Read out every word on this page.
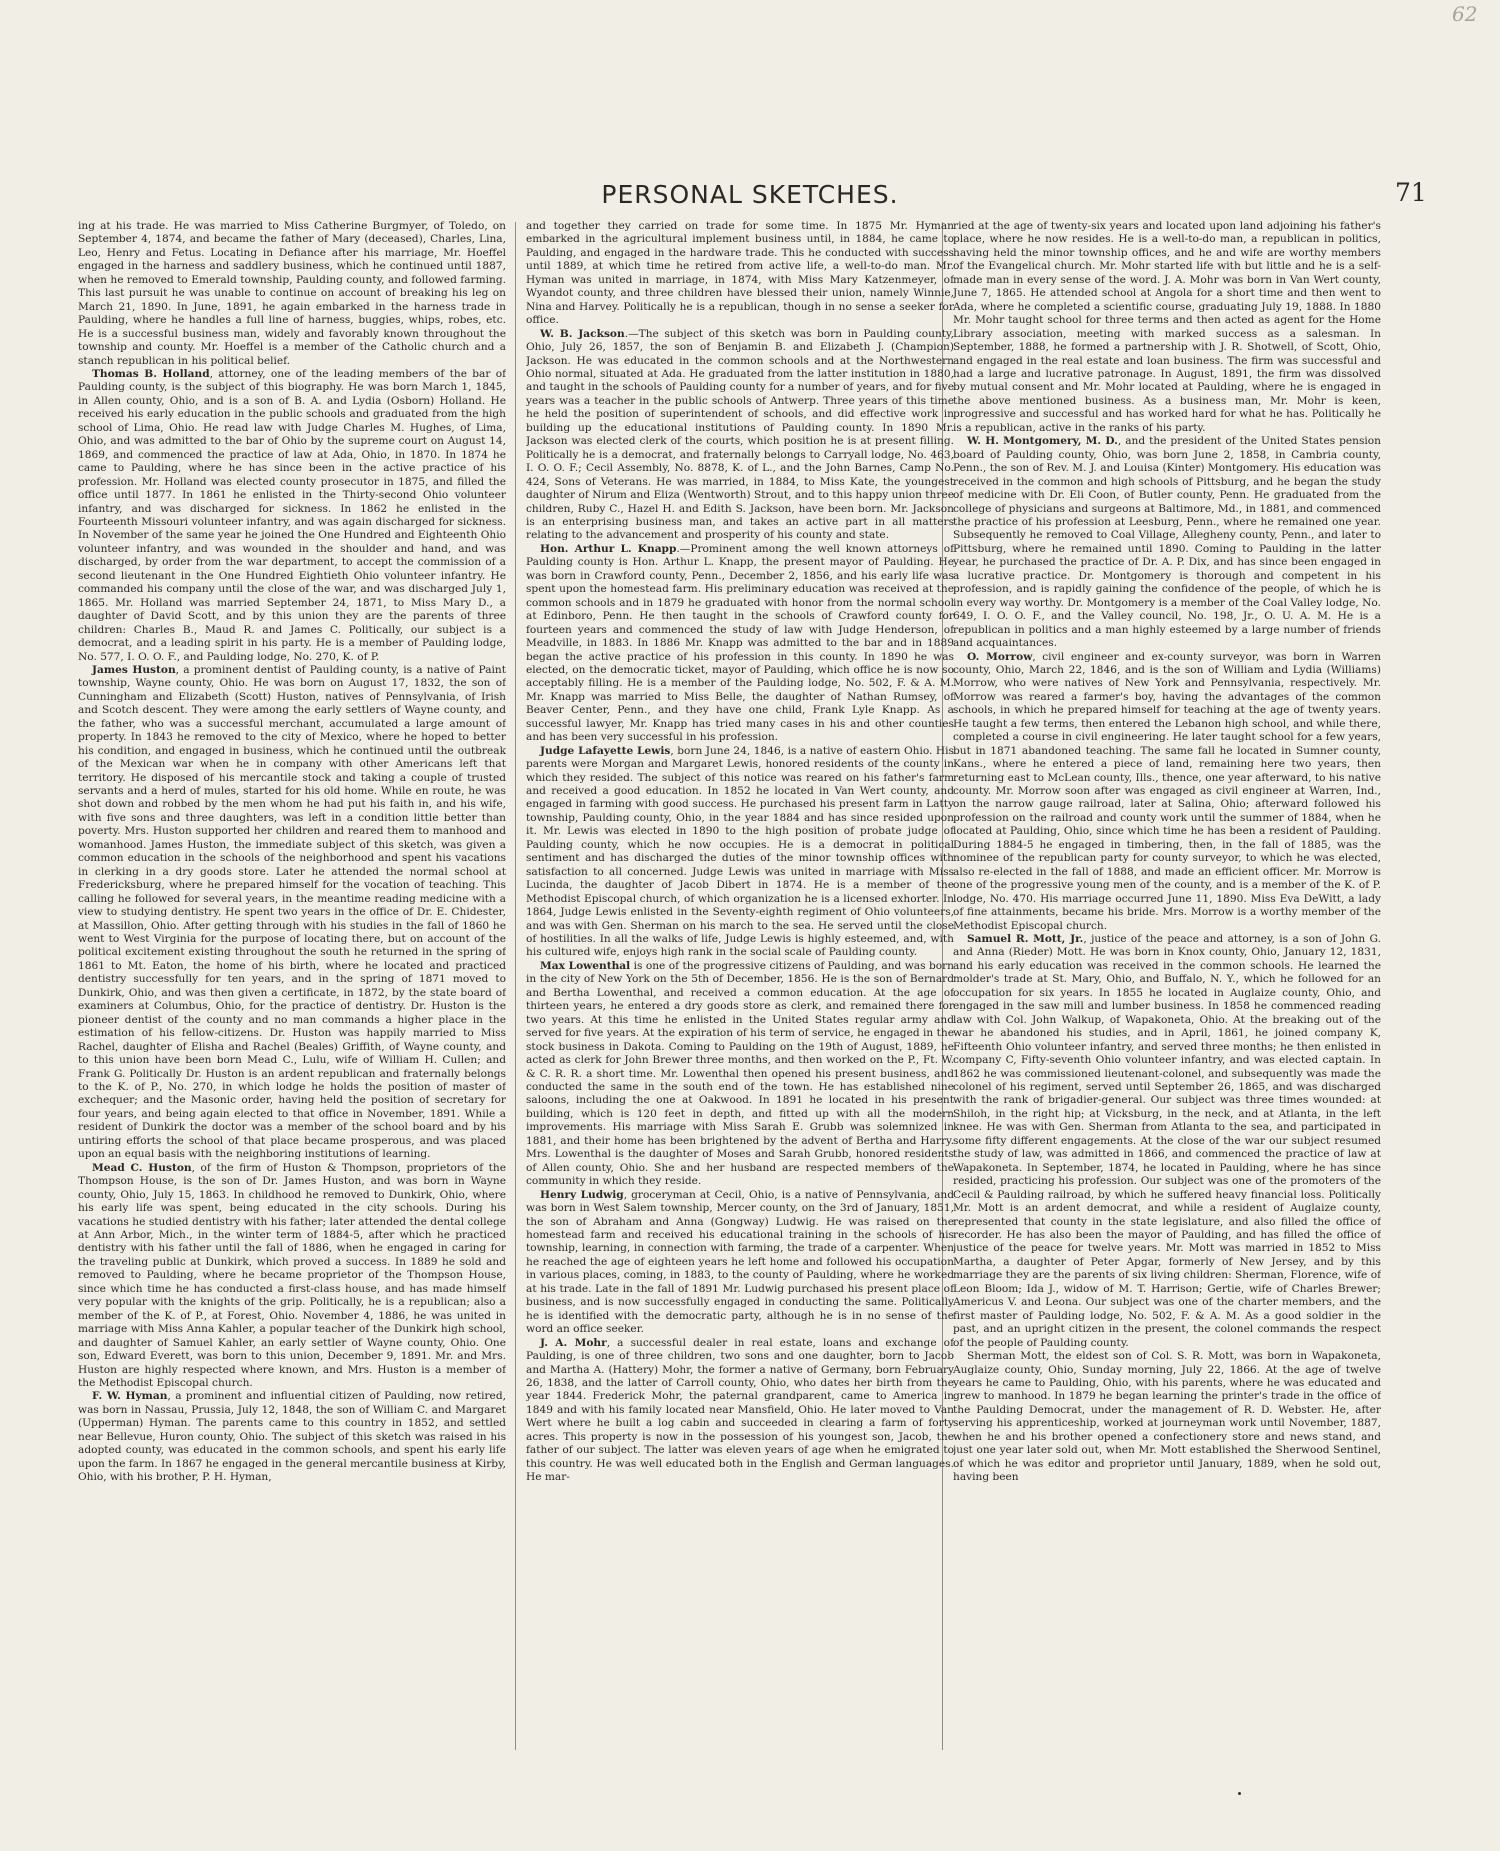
62
PERSONAL SKETCHES.	71

ing at his trade. He was married to Miss Catherine Burgmyer, of Toledo, on September 4, 1874, and became the father of Mary (deceased), Charles, Lina, Leo, Henry and Fetus. Locating in Defiance after his marriage, Mr. Hoeffel engaged in the harness and saddlery business, which he continued until 1887, when he removed to Emerald township, Paulding county, and followed farming. This last pursuit he was unable to continue on account of breaking his leg on March 21, 1890. In June, 1891, he again embarked in the harness trade in Paulding, where he handles a full line of harness, buggies, whips, robes, etc. He is a successful business man, widely and favorably known throughout the township and county. Mr. Hoeffel is a member of the Catholic church and a stanch republican in his political belief.

Thomas B. Holland, attorney, one of the leading members of the bar of Paulding county, is the subject of this biography. He was born March 1, 1845, in Allen county, Ohio, and is a son of B. A. and Lydia (Osborn) Holland. He received his early education in the public schools and graduated from the high school of Lima, Ohio. He read law with Judge Charles M. Hughes, of Lima, Ohio, and was admitted to the bar of Ohio by the supreme court on August 14, 1869, and commenced the practice of law at Ada, Ohio, in 1870. In 1874 he came to Paulding, where he has since been in the active practice of his profession. Mr. Holland was elected county prosecutor in 1875, and filled the office until 1877. In 1861 he enlisted in the Thirty-second Ohio volunteer infantry, and was discharged for sickness. In 1862 he enlisted in the Fourteenth Missouri volunteer infantry, and was again discharged for sickness. In November of the same year he joined the One Hundred and Eighteenth Ohio volunteer infantry, and was wounded in the shoulder and hand, and was discharged, by order from the war department, to accept the commission of a second lieutenant in the One Hundred Eightieth Ohio volunteer infantry. He commanded his company until the close of the war, and was discharged July 1, 1865. Mr. Holland was married September 24, 1871, to Miss Mary D., a daughter of David Scott, and by this union they are the parents of three children: Charles B., Maud R. and James C. Politically, our subject is a democrat, and a leading spirit in his party. He is a member of Paulding lodge, No. 577, I. O. O. F., and Paulding lodge, No. 270, K. of P.

James Huston, a prominent dentist of Paulding county, is a native of Paint township, Wayne county, Ohio. He was born on August 17, 1832, the son of Cunningham and Elizabeth (Scott) Huston, natives of Pennsylvania, of Irish and Scotch descent. They were among the early settlers of Wayne county, and the father, who was a successful merchant, accumulated a large amount of property. In 1843 he removed to the city of Mexico, where he hoped to better his condition, and engaged in business, which he continued until the outbreak of the Mexican war when he in company with other Americans left that territory. He disposed of his mercantile stock and taking a couple of trusted servants and a herd of mules, started for his old home. While en route, he was shot down and robbed by the men whom he had put his faith in, and his wife, with five sons and three daughters, was left in a condition little better than poverty. Mrs. Huston supported her children and reared them to manhood and womanhood. James Huston, the immediate subject of this sketch, was given a common education in the schools of the neighborhood and spent his vacations in clerking in a dry goods store. Later he attended the normal school at Fredericksburg, where he prepared himself for the vocation of teaching. This calling he followed for several years, in the meantime reading medicine with a view to studying dentistry. He spent two years in the office of Dr. E. Chidester, at Massillon, Ohio. After getting through with his studies in the fall of 1860 he went to West Virginia for the purpose of locating there, but on account of the political excitement existing throughout the south he returned in the spring of 1861 to Mt. Eaton, the home of his birth, where he located and practiced dentistry successfully for ten years, and in the spring of 1871 moved to Dunkirk, Ohio, and was then given a certificate, in 1872, by the state board of examiners at Columbus, Ohio, for the practice of dentistry. Dr. Huston is the pioneer dentist of the county and no man commands a higher place in the estimation of his fellow-citizens. Dr. Huston was happily married to Miss Rachel, daughter of Elisha and Rachel (Beales) Griffith, of Wayne county, and to this union have been born Mead C., Lulu, wife of William H. Cullen; and Frank G. Politically Dr. Huston is an ardent republican and fraternally belongs to the K. of P., No. 270, in which lodge he holds the position of master of exchequer; and the Masonic order, having held the position of secretary for four years, and being again elected to that office in November, 1891. While a resident of Dunkirk the doctor was a member of the school board and by his untiring efforts the school of that place became prosperous, and was placed upon an equal basis with the neighboring institutions of learning.

Mead C. Huston, of the firm of Huston & Thompson, proprietors of the Thompson House, is the son of Dr. James Huston, and was born in Wayne county, Ohio, July 15, 1863. In childhood he removed to Dunkirk, Ohio, where his early life was spent, being educated in the city schools. During his vacations he studied dentistry with his father; later attended the dental college at Ann Arbor, Mich., in the winter term of 1884-5, after which he practiced dentistry with his father until the fall of 1886, when he engaged in caring for the traveling public at Dunkirk, which proved a success. In 1889 he sold and removed to Paulding, where he became proprietor of the Thompson House, since which time he has conducted a first-class house, and has made himself very popular with the knights of the grip. Politically, he is a republican; also a member of the K. of P., at Forest, Ohio. November 4, 1886, he was united in marriage with Miss Anna Kahler, a popular teacher of the Dunkirk high school, and daughter of Samuel Kahler, an early settler of Wayne county, Ohio. One son, Edward Everett, was born to this union, December 9, 1891. Mr. and Mrs. Huston are highly respected where known, and Mrs. Huston is a member of the Methodist Episcopal church.

F. W. Hyman, a prominent and influential citizen of Paulding, now retired, was born in Nassau, Prussia, July 12, 1848, the son of William C. and Margaret (Upperman) Hyman. The parents came to this country in 1852, and settled near Bellevue, Huron county, Ohio. The subject of this sketch was raised in his adopted county, was educated in the common schools, and spent his early life upon the farm. In 1867 he engaged in the general mercantile business at Kirby, Ohio, with his brother, P. H. Hyman,

and together they carried on trade for some time. In 1875 Mr. Hyman embarked in the agricultural implement business until, in 1884, he came to Paulding, and engaged in the hardware trade. This he conducted with success until 1889, at which time he retired from active life, a well-to-do man. Mr. Hyman was united in marriage, in 1874, with Miss Mary Katzenmeyer, of Wyandot county, and three children have blessed their union, namely Winnie, Nina and Harvey. Politically he is a republican, though in no sense a seeker for office.

W. B. Jackson.—The subject of this sketch was born in Paulding county, Ohio, July 26, 1857, the son of Benjamin B. and Elizabeth J. (Champion) Jackson. He was educated in the common schools and at the Northwestern Ohio normal, situated at Ada. He graduated from the latter institution in 1880, and taught in the schools of Paulding county for a number of years, and for five years was a teacher in the public schools of Antwerp. Three years of this time he held the position of superintendent of schools, and did effective work in building up the educational institutions of Paulding county. In 1890 Mr. Jackson was elected clerk of the courts, which position he is at present filling. Politically he is a democrat, and fraternally belongs to Carryall lodge, No. 463, I. O. O. F.; Cecil Assembly, No. 8878, K. of L., and the John Barnes, Camp No. 424, Sons of Veterans. He was married, in 1884, to Miss Kate, the youngest daughter of Nirum and Eliza (Wentworth) Strout, and to this happy union three children, Ruby C., Hazel H. and Edith S. Jackson, have been born. Mr. Jackson is an enterprising business man, and takes an active part in all matters relating to the advancement and prosperity of his county and state.

Hon. Arthur L. Knapp.—Prominent among the well known attorneys of Paulding county is Hon. Arthur L. Knapp, the present mayor of Paulding. He was born in Crawford county, Penn., December 2, 1856, and his early life was spent upon the homestead farm. His preliminary education was received at the common schools and in 1879 he graduated with honor from the normal school at Edinboro, Penn. He then taught in the schools of Crawford county for fourteen years and commenced the study of law with Judge Henderson, of Meadville, in 1883. In 1886 Mr. Knapp was admitted to the bar and in 1889 began the active practice of his profession in this county. In 1890 he was elected, on the democratic ticket, mayor of Paulding, which office he is now so acceptably filling. He is a member of the Paulding lodge, No. 502, F. & A. M. Mr. Knapp was married to Miss Belle, the daughter of Nathan Rumsey, of Beaver Center, Penn., and they have one child, Frank Lyle Knapp. As a successful lawyer, Mr. Knapp has tried many cases in his and other counties and has been very successful in his profession.

Judge Lafayette Lewis, born June 24, 1846, is a native of eastern Ohio. His parents were Morgan and Margaret Lewis, honored residents of the county in which they resided. The subject of this notice was reared on his father's farm and received a good education. In 1852 he located in Van Wert county, and engaged in farming with good success. He purchased his present farm in Latty township, Paulding county, Ohio, in the year 1884 and has since resided upon it. Mr. Lewis was elected in 1890 to the high position of probate judge of Paulding county, which he now occupies. He is a democrat in political sentiment and has discharged the duties of the minor township offices with satisfaction to all concerned. Judge Lewis was united in marriage with Miss Lucinda, the daughter of Jacob Dibert in 1874. He is a member of the Methodist Episcopal church, of which organization he is a licensed exhorter. In 1864, Judge Lewis enlisted in the Seventy-eighth regiment of Ohio volunteers, and was with Gen. Sherman on his march to the sea. He served until the close of hostilities. In all the walks of life, Judge Lewis is highly esteemed, and, with his cultured wife, enjoys high rank in the social scale of Paulding county.

Max Lowenthal is one of the progressive citizens of Paulding, and was born in the city of New York on the 5th of December, 1856. He is the son of Bernard and Bertha Lowenthal, and received a common education. At the age of thirteen years, he entered a dry goods store as clerk, and remained there for two years. At this time he enlisted in the United States regular army and served for five years. At the expiration of his term of service, he engaged in the stock business in Dakota. Coming to Paulding on the 19th of August, 1889, he acted as clerk for John Brewer three months, and then worked on the P., Ft. W. & C. R. R. a short time. Mr. Lowenthal then opened his present business, and conducted the same in the south end of the town. He has established nine saloons, including the one at Oakwood. In 1891 he located in his present building, which is 120 feet in depth, and fitted up with all the modern improvements. His marriage with Miss Sarah E. Grubb was solemnized in 1881, and their home has been brightened by the advent of Bertha and Harry. Mrs. Lowenthal is the daughter of Moses and Sarah Grubb, honored residents of Allen county, Ohio. She and her husband are respected members of the community in which they reside.

Henry Ludwig, groceryman at Cecil, Ohio, is a native of Pennsylvania, and was born in West Salem township, Mercer county, on the 3rd of January, 1851, the son of Abraham and Anna (Gongway) Ludwig. He was raised on the homestead farm and received his educational training in the schools of his township, learning, in connection with farming, the trade of a carpenter. When he reached the age of eighteen years he left home and followed his occupation in various places, coming, in 1883, to the county of Paulding, where he worked at his trade. Late in the fall of 1891 Mr. Ludwig purchased his present place of business, and is now successfully engaged in conducting the same. Politically he is identified with the democratic party, although he is in no sense of the word an office seeker.

J. A. Mohr, a successful dealer in real estate, loans and exchange of Paulding, is one of three children, two sons and one daughter, born to Jacob and Martha A. (Hattery) Mohr, the former a native of Germany, born February 26, 1838, and the latter of Carroll county, Ohio, who dates her birth from the year 1844. Frederick Mohr, the paternal grandparent, came to America in 1849 and with his family located near Mansfield, Ohio. He later moved to Van Wert where he built a log cabin and succeeded in clearing a farm of forty acres. This property is now in the possession of his youngest son, Jacob, the father of our subject. The latter was eleven years of age when he emigrated to this country. He was well educated both in the English and German languages. He mar-

ried at the age of twenty-six years and located upon land adjoining his father's place, where he now resides. He is a well-to-do man, a republican in politics, having held the minor township offices, and he and wife are worthy members of the Evangelical church. Mr. Mohr started life with but little and he is a self-made man in every sense of the word. J. A. Mohr was born in Van Wert county, June 7, 1865. He attended school at Angola for a short time and then went to Ada, where he completed a scientific course, graduating July 19, 1888. In 1880 Mr. Mohr taught school for three terms and then acted as agent for the Home Library association, meeting with marked success as a salesman. In September, 1888, he formed a partnership with J. R. Shotwell, of Scott, Ohio, and engaged in the real estate and loan business. The firm was successful and had a large and lucrative patronage. In August, 1891, the firm was dissolved by mutual consent and Mr. Mohr located at Paulding, where he is engaged in the above mentioned business. As a business man, Mr. Mohr is keen, progressive and successful and has worked hard for what he has. Politically he is a republican, active in the ranks of his party.

W. H. Montgomery, M. D., and the president of the United States pension board of Paulding county, Ohio, was born June 2, 1858, in Cambria county, Penn., the son of Rev. M. J. and Louisa (Kinter) Montgomery. His education was received in the common and high schools of Pittsburg, and he began the study of medicine with Dr. Eli Coon, of Butler county, Penn. He graduated from the college of physicians and surgeons at Baltimore, Md., in 1881, and commenced the practice of his profession at Leesburg, Penn., where he remained one year. Subsequently he removed to Coal Village, Allegheny county, Penn., and later to Pittsburg, where he remained until 1890. Coming to Paulding in the latter year, he purchased the practice of Dr. A. P. Dix, and has since been engaged in a lucrative practice. Dr. Montgomery is thorough and competent in his profession, and is rapidly gaining the confidence of the people, of which he is in every way worthy. Dr. Montgomery is a member of the Coal Valley lodge, No. 649, I. O. O. F., and the Valley council, No. 198, Jr., O. U. A. M. He is a republican in politics and a man highly esteemed by a large number of friends and acquaintances.

O. Morrow, civil engineer and ex-county surveyor, was born in Warren county, Ohio, March 22, 1846, and is the son of William and Lydia (Williams) Morrow, who were natives of New York and Pennsylvania, respectively. Mr. Morrow was reared a farmer's boy, having the advantages of the common schools, in which he prepared himself for teaching at the age of twenty years. He taught a few terms, then entered the Lebanon high school, and while there, completed a course in civil engineering. He later taught school for a few years, but in 1871 abandoned teaching. The same fall he located in Sumner county, Kans., where he entered a piece of land, remaining here two years, then returning east to McLean county, Ills., thence, one year afterward, to his native county. Mr. Morrow soon after was engaged as civil engineer at Warren, Ind., on the narrow gauge railroad, later at Salina, Ohio; afterward followed his profession on the railroad and county work until the summer of 1884, when he located at Paulding, Ohio, since which time he has been a resident of Paulding. During 1884-5 he engaged in timbering, then, in the fall of 1885, was the nominee of the republican party for county surveyor, to which he was elected, also re-elected in the fall of 1888, and made an efficient officer. Mr. Morrow is one of the progressive young men of the county, and is a member of the K. of P. lodge, No. 470. His marriage occurred June 11, 1890. Miss Eva DeWitt, a lady of fine attainments, became his bride. Mrs. Morrow is a worthy member of the Methodist Episcopal church.

Samuel R. Mott, Jr., justice of the peace and attorney, is a son of John G. and Anna (Rieder) Mott. He was born in Knox county, Ohio, January 12, 1831, and his early education was received in the common schools. He learned the molder's trade at St. Mary, Ohio, and Buffalo, N. Y., which he followed for an occupation for six years. In 1855 he located in Auglaize county, Ohio, and engaged in the saw mill and lumber business. In 1858 he commenced reading law with Col. John Walkup, of Wapakoneta, Ohio. At the breaking out of the war he abandoned his studies, and in April, 1861, he joined company K, Fifteenth Ohio volunteer infantry, and served three months; he then enlisted in company C, Fifty-seventh Ohio volunteer infantry, and was elected captain. In 1862 he was commissioned lieutenant-colonel, and subsequently was made the colonel of his regiment, served until September 26, 1865, and was discharged with the rank of brigadier-general. Our subject was three times wounded: at Shiloh, in the right hip; at Vicksburg, in the neck, and at Atlanta, in the left knee. He was with Gen. Sherman from Atlanta to the sea, and participated in some fifty different engagements. At the close of the war our subject resumed the study of law, was admitted in 1866, and commenced the practice of law at Wapakoneta. In September, 1874, he located in Paulding, where he has since resided, practicing his profession. Our subject was one of the promoters of the Cecil & Paulding railroad, by which he suffered heavy financial loss. Politically Mr. Mott is an ardent democrat, and while a resident of Auglaize county, represented that county in the state legislature, and also filled the office of recorder. He has also been the mayor of Paulding, and has filled the office of justice of the peace for twelve years. Mr. Mott was married in 1852 to Miss Martha, a daughter of Peter Apgar, formerly of New Jersey, and by this marriage they are the parents of six living children: Sherman, Florence, wife of Leon Bloom; Ida J., widow of M. T. Harrison; Gertie, wife of Charles Brewer; Americus V. and Leona. Our subject was one of the charter members, and the first master of Paulding lodge, No. 502, F. & A. M. As a good soldier in the past, and an upright citizen in the present, the colonel commands the respect of the people of Paulding county.

Sherman Mott, the eldest son of Col. S. R. Mott, was born in Wapakoneta, Auglaize county, Ohio, Sunday morning, July 22, 1866. At the age of twelve years he came to Paulding, Ohio, with his parents, where he was educated and grew to manhood. In 1879 he began learning the printer's trade in the office of the Paulding Democrat, under the management of R. D. Webster. He, after serving his apprenticeship, worked at journeyman work until November, 1887, when he and his brother opened a confectionery store and news stand, and just one year later sold out, when Mr. Mott established the Sherwood Sentinel, of which he was editor and proprietor until January, 1889, when he sold out, having been
